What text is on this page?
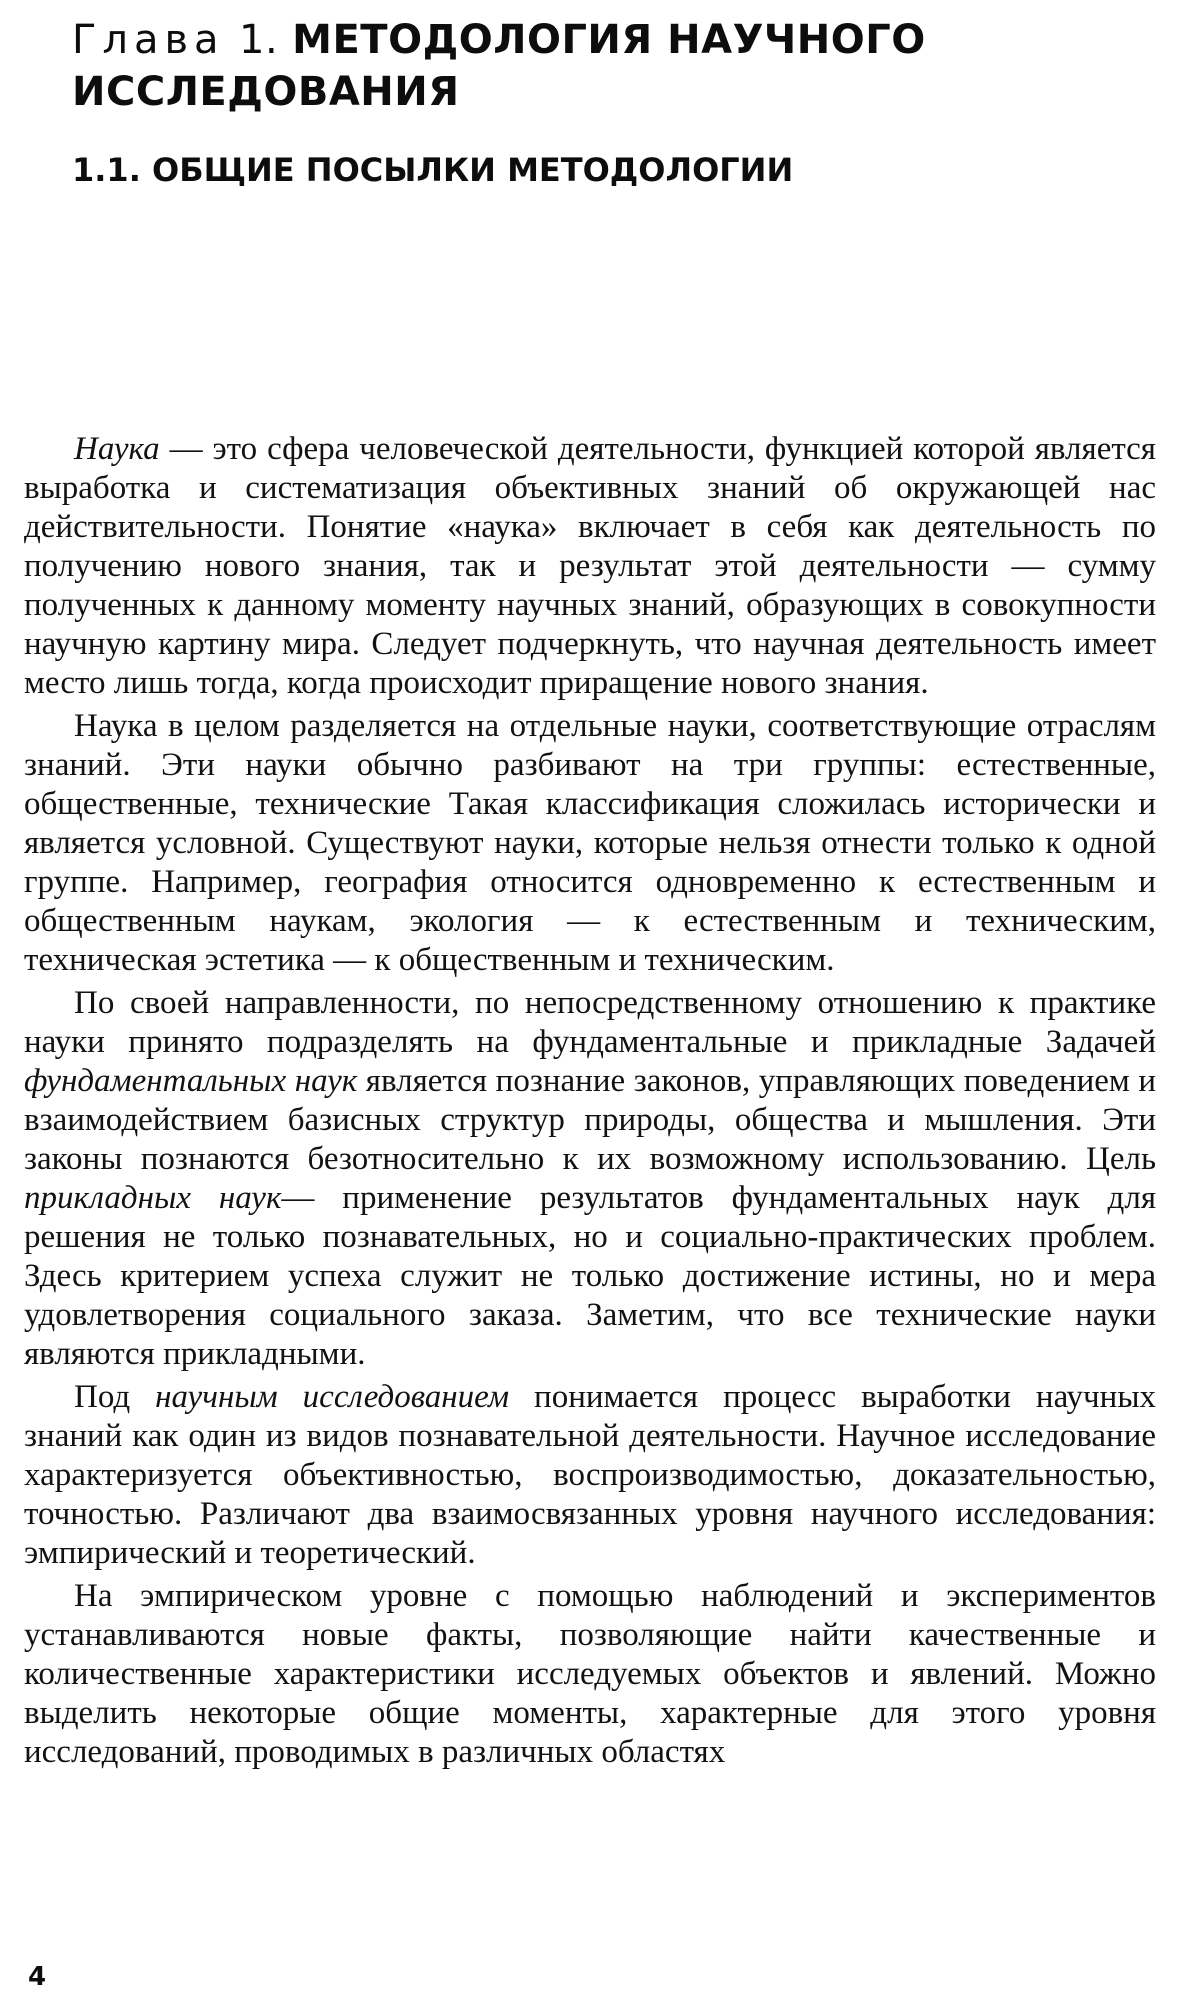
Глава 1. МЕТОДОЛОГИЯ НАУЧНОГО ИССЛЕДОВАНИЯ
1.1. ОБЩИЕ ПОСЫЛКИ МЕТОДОЛОГИИ

Наука — это сфера человеческой деятельности, функцией которой является выработка и систематизация объективных знаний об окружающей нас действительности. Понятие «наука» включает в себя как деятельность по получению нового знания, так и результат этой деятельности — сумму полученных к данному моменту научных знаний, образующих в совокупности научную картину мира. Следует подчеркнуть, что научная деятельность имеет место лишь тогда, когда происходит приращение нового знания.

Наука в целом разделяется на отдельные науки, соответствующие отраслям знаний. Эти науки обычно разбивают на три группы: естественные, общественные, технические Такая классификация сложилась исторически и является условной. Существуют науки, которые нельзя отнести только к одной группе. Например, география относится одновременно к естественным и общественным наукам, экология — к естественным и техническим, техническая эстетика — к общественным и техническим.

По своей направленности, по непосредственному отношению к практике науки принято подразделять на фундаментальные и прикладные Задачей фундаментальных наук является познание законов, управляющих поведением и взаимодействием базисных структур природы, общества и мышления. Эти законы познаются безотносительно к их возможному использованию. Цель прикладных наук— применение результатов фундаментальных наук для решения не только познавательных, но и социально-практических проблем. Здесь критерием успеха служит не только достижение истины, но и мера удовлетворения социального заказа. Заметим, что все технические науки являются прикладными.

Под научным исследованием понимается процесс выработки научных знаний как один из видов познавательной деятельности. Научное исследование характеризуется объективностью, воспроизводимостью, доказательностью, точностью. Различают два взаимосвязанных уровня научного исследования: эмпирический и теоретический.

На эмпирическом уровне с помощью наблюдений и экспериментов устанавливаются новые факты, позволяющие найти качественные и количественные характеристики исследуемых объектов и явлений. Можно выделить некоторые общие моменты, характерные для этого уровня исследований, проводимых в различных областях

4
